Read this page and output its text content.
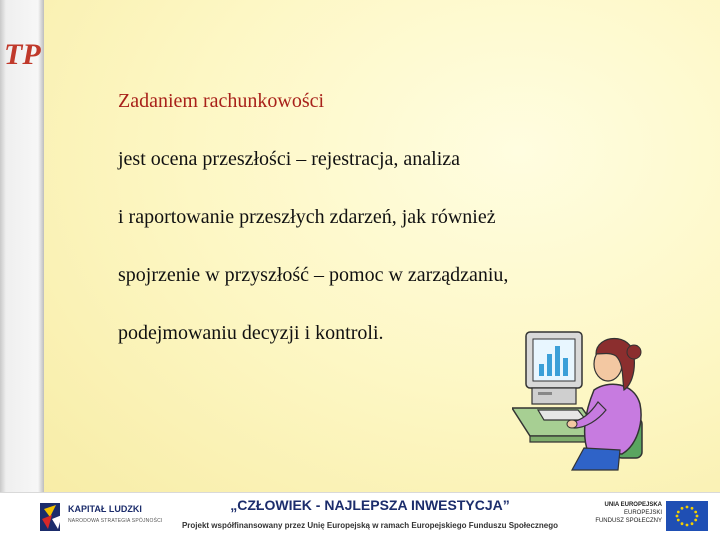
TP
Zadaniem rachunkowości

jest ocena przeszłości – rejestracja, analiza

i raportowanie przeszłych zdarzeń, jak również

spojrzenie w przyszłość – pomoc w zarządzaniu,

podejmowaniu decyzji i kontroli.

KAPITAŁ LUDZKI
NARODOWA STRATEGIA SPÓJNOŚCI
„CZŁOWIEK - NAJLEPSZA INWESTYCJA”
Projekt współfinansowany przez Unię Europejską w ramach Europejskiego Funduszu Społecznego
UNIA EUROPEJSKA
EUROPEJSKI
FUNDUSZ SPOŁECZNY
